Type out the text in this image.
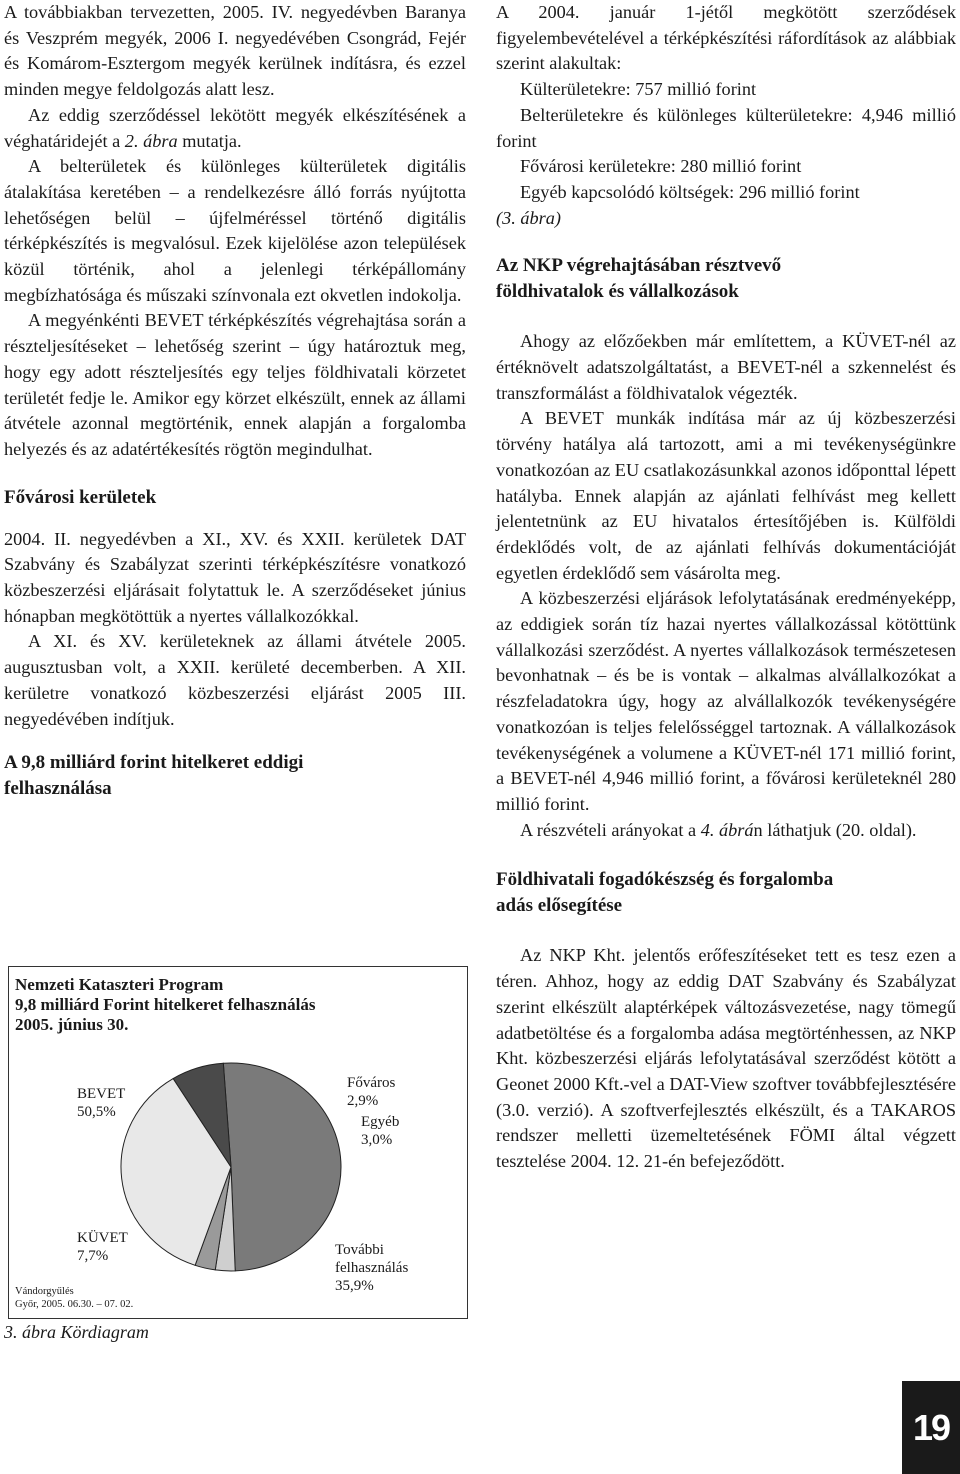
A továbbiakban tervezetten, 2005. IV. negyedévben Baranya és Veszprém megyék, 2006 I. negyedévében Csongrád, Fejér és Komárom-Esztergom megyék kerülnek indításra, és ezzel minden megye feldolgozás alatt lesz.

Az eddig szerződéssel lekötött megyék elkészítésének a véghatáridejét a 2. ábra mutatja.

A belterületek és különleges külterületek digitális átalakítása keretében – a rendelkezésre álló forrás nyújtotta lehetőségen belül – újfelméréssel történő digitális térképkészítés is megvalósul. Ezek kijelölése azon települések közül történik, ahol a jelenlegi térképállomány megbízhatósága és műszaki színvonala ezt okvetlen indokolja.

A megyénkénti BEVET térképkészítés végrehajtása során a részteljesítéseket – lehetőség szerint – úgy határoztuk meg, hogy egy adott részteljesítés egy teljes földhivatali körzetet területét fedje le. Amikor egy körzet elkészült, ennek az állami átvétele azonnal megtörténik, ennek alapján a forgalomba helyezés és az adatértékesítés rögtön megindulhat.

Fővárosi kerületek

2004. II. negyedévben a XI., XV. és XXII. kerületek DAT Szabvány és Szabályzat szerinti térképkészítésre vonatkozó közbeszerzési eljárásait folytattuk le. A szerződéseket június hónapban megkötöttük a nyertes vállalkozókkal.

A XI. és XV. kerületeknek az állami átvétele 2005. augusztusban volt, a XXII. kerületé decemberben. A XII. kerületre vonatkozó közbeszerzési eljárást 2005 III. negyedévében indítjuk.

A 9,8 milliárd forint hitelkeret eddigi
felhasználása
Nemzeti Kataszteri Program
9,8 milliárd Forint hitelkeret felhasználás
2005. június 30.
BEVET
50,5%
Főváros
2,9%
Egyéb
3,0%
További
felhasználás
35,9%
KÜVET
7,7%
Vándorgyűlés
Győr, 2005. 06.30. – 07. 02.
3. ábra Kördiagram

A 2004. január 1-jétől megkötött szerződések figyelembevételével a térképkészítési ráfordítások az alábbiak szerint alakultak:

Külterületekre: 757 millió forint

Belterületekre és különleges külterületekre: 4,946 millió forint

Fővárosi kerületekre: 280 millió forint

Egyéb kapcsolódó költségek: 296 millió forint

(3. ábra)

Az NKP végrehajtásában résztvevő
földhivatalok és vállalkozások

Ahogy az előzőekben már említettem, a KÜVET-nél az értéknövelt adatszolgáltatást, a BEVET-nél a szkennelést és transzformálást a földhivatalok végezték.

A BEVET munkák indítása már az új közbeszerzési törvény hatálya alá tartozott, ami a mi tevékenységünkre vonatkozóan az EU csatlakozásunkkal azonos időponttal lépett hatályba. Ennek alapján az ajánlati felhívást meg kellett jelentetnünk az EU hivatalos értesítőjében is. Külföldi érdeklődés volt, de az ajánlati felhívás dokumentációját egyetlen érdeklődő sem vásárolta meg.

A közbeszerzési eljárások lefolytatásának eredményeképp, az eddigiek során tíz hazai nyertes vállalkozással kötöttünk vállalkozási szerződést. A nyertes vállalkozások természetesen bevonhatnak – és be is vontak – alkalmas alvállalkozókat a részfeladatokra úgy, hogy az alvállalkozók tevékenységére vonatkozóan is teljes felelősséggel tartoznak. A vállalkozások tevékenységének a volumene a KÜVET-nél 171 millió forint, a BEVET-nél 4,946 millió forint, a fővárosi kerületeknél 280 millió forint.

A részvételi arányokat a 4. ábrán láthatjuk (20. oldal).

Földhivatali fogadókészség és forgalomba
adás elősegítése

Az NKP Kht. jelentős erőfeszítéseket tett es tesz ezen a téren. Ahhoz, hogy az eddig DAT Szabvány és Szabályzat szerint elkészült alaptérképek változásvezetése, nagy tömegű adatbetöltése és a forgalomba adása megtörténhessen, az NKP Kht. közbeszerzési eljárás lefolytatásával szerződést kötött a Geonet 2000 Kft.-vel a DAT-View szoftver továbbfejlesztésére (3.0. verzió). A szoftverfejlesztés elkészült, és a TAKAROS rendszer melletti üzemeltetésének FÖMI által végzett tesztelése 2004. 12. 21-én befejeződött.

19
